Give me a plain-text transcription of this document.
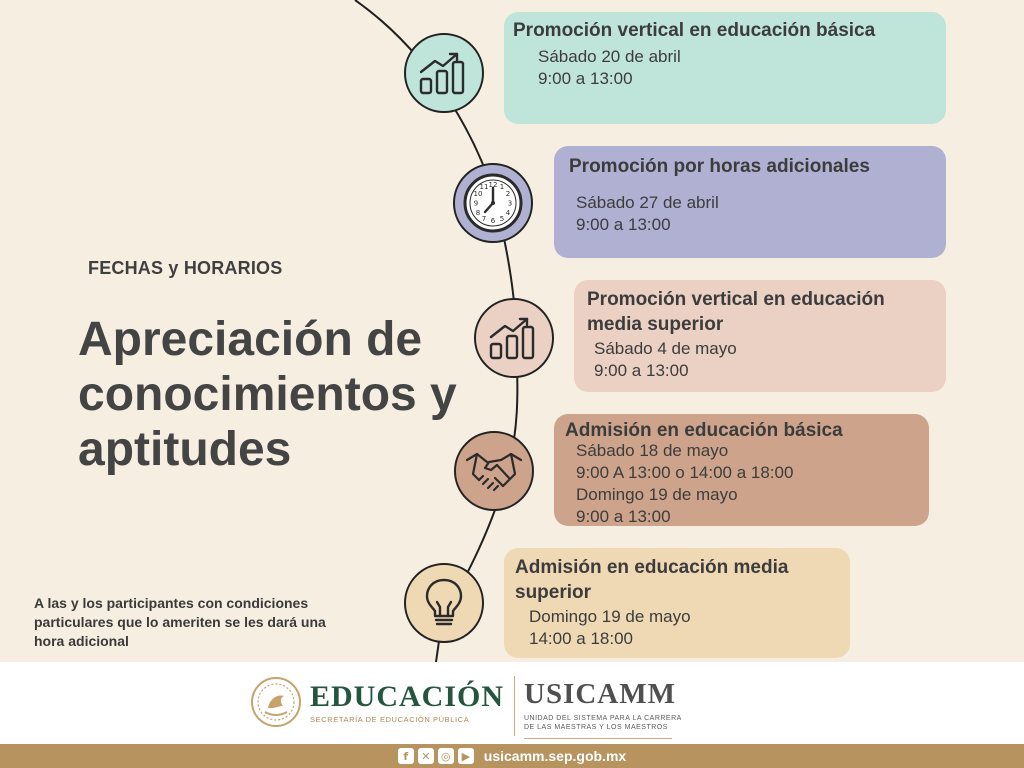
FECHAS y HORARIOS
Apreciación de conocimientos y aptitudes
A las y los participantes con condiciones particulares que lo ameriten se les dará una hora adicional
12 1
2
3
4
5
6
7
8
9
10
11
Promoción vertical en educación básica
Sábado 20 de abril
9:00 a 13:00
Promoción por horas adicionales
Sábado 27 de abril
9:00 a 13:00
Promoción vertical en educación media superior
Sábado 4 de mayo
9:00 a 13:00
Admisión en educación básica
Sábado 18 de mayo
9:00 A 13:00 o 14:00 a 18:00
Domingo 19 de mayo
9:00 a 13:00
Admisión en educación media superior
Domingo 19 de mayo
14:00 a 18:00
EDUCACIÓN
SECRETARÍA DE EDUCACIÓN PÚBLICA
USICAMM
UNIDAD DEL SISTEMA PARA LA CARRERA DE LAS MAESTRAS Y LOS MAESTROS
f	✕ ◎ ▶ usicamm.sep.gob.mx
